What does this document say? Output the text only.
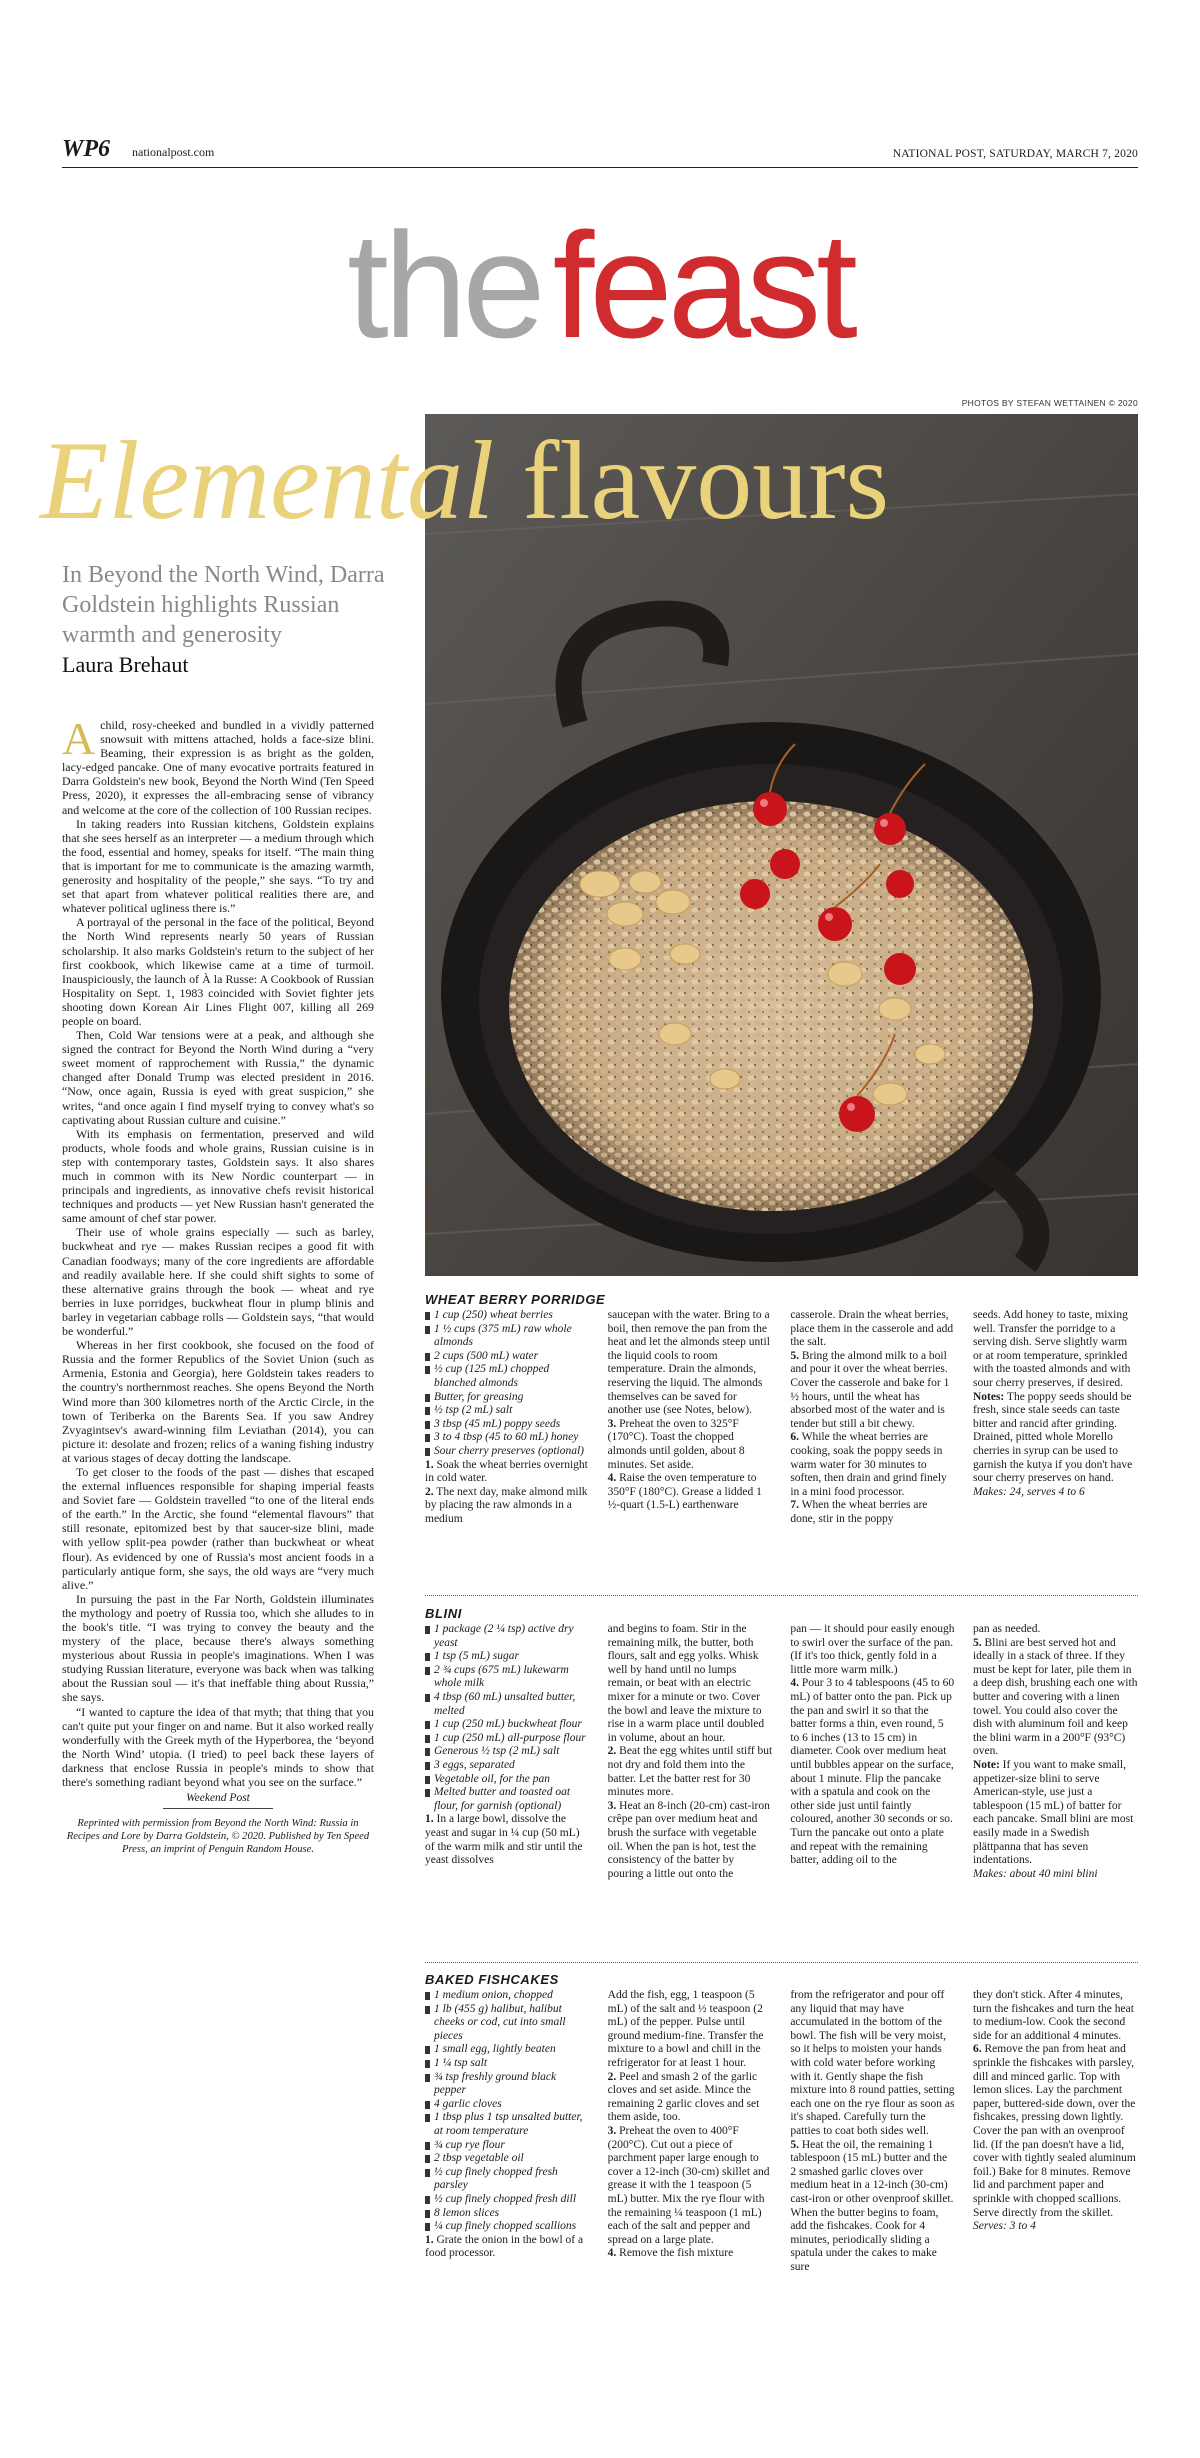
WP6 nationalpost.com	NATIONAL POST, SATURDAY, MARCH 7, 2020
thefeast
PHOTOS BY STEFAN WETTAINEN © 2020
Elemental flavours
In Beyond the North Wind, Darra Goldstein highlights Russian warmth and generosity
Laura Brehaut

Achild, rosy-cheeked and bundled in a vividly patterned snowsuit with mittens attached, holds a face-size blini. Beaming, their expression is as bright as the golden, lacy-edged pancake. One of many evocative portraits featured in Darra Goldstein's new book, Beyond the North Wind (Ten Speed Press, 2020), it expresses the all-embracing sense of vibrancy and welcome at the core of the collection of 100 Russian recipes.

In taking readers into Russian kitchens, Goldstein explains that she sees herself as an interpreter — a medium through which the food, essential and homey, speaks for itself. “The main thing that is important for me to communicate is the amazing warmth, generosity and hospitality of the people,” she says. “To try and set that apart from whatever political realities there are, and whatever political ugliness there is.”

A portrayal of the personal in the face of the political, Beyond the North Wind represents nearly 50 years of Russian scholarship. It also marks Goldstein's return to the subject of her first cookbook, which likewise came at a time of turmoil. Inauspiciously, the launch of À la Russe: A Cookbook of Russian Hospitality on Sept. 1, 1983 coincided with Soviet fighter jets shooting down Korean Air Lines Flight 007, killing all 269 people on board.

Then, Cold War tensions were at a peak, and although she signed the contract for Beyond the North Wind during a “very sweet moment of rapprochement with Russia,” the dynamic changed after Donald Trump was elected president in 2016. “Now, once again, Russia is eyed with great suspicion,” she writes, “and once again I find myself trying to convey what's so captivating about Russian culture and cuisine.”

With its emphasis on fermentation, preserved and wild products, whole foods and whole grains, Russian cuisine is in step with contemporary tastes, Goldstein says. It also shares much in common with its New Nordic counterpart — in principals and ingredients, as innovative chefs revisit historical techniques and products — yet New Russian hasn't generated the same amount of chef star power.

Their use of whole grains especially — such as barley, buckwheat and rye — makes Russian recipes a good fit with Canadian foodways; many of the core ingredients are affordable and readily available here. If she could shift sights to some of these alternative grains through the book — wheat and rye berries in luxe porridges, buckwheat flour in plump blinis and barley in vegetarian cabbage rolls — Goldstein says, “that would be wonderful.”

Whereas in her first cookbook, she focused on the food of Russia and the former Republics of the Soviet Union (such as Armenia, Estonia and Georgia), here Goldstein takes readers to the country's northernmost reaches. She opens Beyond the North Wind more than 300 kilometres north of the Arctic Circle, in the town of Teriberka on the Barents Sea. If you saw Andrey Zvyagintsev's award-winning film Leviathan (2014), you can picture it: desolate and frozen; relics of a waning fishing industry at various stages of decay dotting the landscape.

To get closer to the foods of the past — dishes that escaped the external influences responsible for shaping imperial feasts and Soviet fare — Goldstein travelled “to one of the literal ends of the earth.” In the Arctic, she found “elemental flavours” that still resonate, epitomized best by that saucer-size blini, made with yellow split-pea powder (rather than buckwheat or wheat flour). As evidenced by one of Russia's most ancient foods in a particularly antique form, she says, the old ways are “very much alive.”

In pursuing the past in the Far North, Goldstein illuminates the mythology and poetry of Russia too, which she alludes to in the book's title. “I was trying to convey the beauty and the mystery of the place, because there's always something mysterious about Russia in people's imaginations. When I was studying Russian literature, everyone was back when was talking about the Russian soul — it's that ineffable thing about Russia,” she says.

“I wanted to capture the idea of that myth; that thing that you can't quite put your finger on and name. But it also worked really wonderfully with the Greek myth of the Hyperborea, the ‘beyond the North Wind’ utopia. (I tried) to peel back these layers of darkness that enclose Russia in people's minds to show that there's something radiant beyond what you see on the surface.”

Weekend Post

Reprinted with permission from Beyond the North Wind: Russia in Recipes and Lore by Darra Goldstein, © 2020. Published by Ten Speed Press, an imprint of Penguin Random House.

WHEAT BERRY PORRIDGE
1 cup (250) wheat berries
1 ½ cups (375 mL) raw whole almonds
2 cups (500 mL) water
½ cup (125 mL) chopped blanched almonds
Butter, for greasing
½ tsp (2 mL) salt
3 tbsp (45 mL) poppy seeds
3 to 4 tbsp (45 to 60 mL) honey
Sour cherry preserves (optional)
1. Soak the wheat berries overnight in cold water.
2. The next day, make almond milk by placing the raw almonds in a medium
saucepan with the water. Bring to a boil, then remove the pan from the heat and let the almonds steep until the liquid cools to room temperature. Drain the almonds, reserving the liquid. The almonds themselves can be saved for another use (see Notes, below).
3. Preheat the oven to 325°F (170°C). Toast the chopped almonds until golden, about 8 minutes. Set aside.
4. Raise the oven temperature to 350°F (180°C). Grease a lidded 1 ½-quart (1.5-L) earthenware
casserole. Drain the wheat berries, place them in the casserole and add the salt.
5. Bring the almond milk to a boil and pour it over the wheat berries. Cover the casserole and bake for 1 ½ hours, until the wheat has absorbed most of the water and is tender but still a bit chewy.
6. While the wheat berries are cooking, soak the poppy seeds in warm water for 30 minutes to soften, then drain and grind finely in a mini food processor.
7. When the wheat berries are done, stir in the poppy
seeds. Add honey to taste, mixing well. Transfer the porridge to a serving dish. Serve slightly warm or at room temperature, sprinkled with the toasted almonds and with sour cherry preserves, if desired.
Notes: The poppy seeds should be fresh, since stale seeds can taste bitter and rancid after grinding. Drained, pitted whole Morello cherries in syrup can be used to garnish the kutya if you don't have sour cherry preserves on hand.
Makes: 24, serves 4 to 6
BLINI
1 package (2 ¼ tsp) active dry yeast
1 tsp (5 mL) sugar
2 ¾ cups (675 mL) lukewarm whole milk
4 tbsp (60 mL) unsalted butter, melted
1 cup (250 mL) buckwheat flour
1 cup (250 mL) all-purpose flour
Generous ½ tsp (2 mL) salt
3 eggs, separated
Vegetable oil, for the pan
Melted butter and toasted oat flour, for garnish (optional)
1. In a large bowl, dissolve the yeast and sugar in ¼ cup (50 mL) of the warm milk and stir until the yeast dissolves
and begins to foam. Stir in the remaining milk, the butter, both flours, salt and egg yolks. Whisk well by hand until no lumps remain, or beat with an electric mixer for a minute or two. Cover the bowl and leave the mixture to rise in a warm place until doubled in volume, about an hour.
2. Beat the egg whites until stiff but not dry and fold them into the batter. Let the batter rest for 30 minutes more.
3. Heat an 8-inch (20-cm) cast-iron crêpe pan over medium heat and brush the surface with vegetable oil. When the pan is hot, test the consistency of the batter by pouring a little out onto the
pan — it should pour easily enough to swirl over the surface of the pan. (If it's too thick, gently fold in a little more warm milk.)
4. Pour 3 to 4 tablespoons (45 to 60 mL) of batter onto the pan. Pick up the pan and swirl it so that the batter forms a thin, even round, 5 to 6 inches (13 to 15 cm) in diameter. Cook over medium heat until bubbles appear on the surface, about 1 minute. Flip the pancake with a spatula and cook on the other side just until faintly coloured, another 30 seconds or so. Turn the pancake out onto a plate and repeat with the remaining batter, adding oil to the
pan as needed.
5. Blini are best served hot and ideally in a stack of three. If they must be kept for later, pile them in a deep dish, brushing each one with butter and covering with a linen towel. You could also cover the dish with aluminum foil and keep the blini warm in a 200°F (93°C) oven.
Note: If you want to make small, appetizer-size blini to serve American-style, use just a tablespoon (15 mL) of batter for each pancake. Small blini are most easily made in a Swedish plättpanna that has seven indentations.
Makes: about 40 mini blini
BAKED FISHCAKES
1 medium onion, chopped
1 lb (455 g) halibut, halibut cheeks or cod, cut into small pieces
1 small egg, lightly beaten
1 ¼ tsp salt
¾ tsp freshly ground black pepper
4 garlic cloves
1 tbsp plus 1 tsp unsalted butter, at room temperature
¾ cup rye flour
2 tbsp vegetable oil
½ cup finely chopped fresh parsley
½ cup finely chopped fresh dill
8 lemon slices
¼ cup finely chopped scallions
1. Grate the onion in the bowl of a food processor.
Add the fish, egg, 1 teaspoon (5 mL) of the salt and ½ teaspoon (2 mL) of the pepper. Pulse until ground medium-fine. Transfer the mixture to a bowl and chill in the refrigerator for at least 1 hour.
2. Peel and smash 2 of the garlic cloves and set aside. Mince the remaining 2 garlic cloves and set them aside, too.
3. Preheat the oven to 400°F (200°C). Cut out a piece of parchment paper large enough to cover a 12-inch (30-cm) skillet and grease it with the 1 teaspoon (5 mL) butter. Mix the rye flour with the remaining ¼ teaspoon (1 mL) each of the salt and pepper and spread on a large plate.
4. Remove the fish mixture
from the refrigerator and pour off any liquid that may have accumulated in the bottom of the bowl. The fish will be very moist, so it helps to moisten your hands with cold water before working with it. Gently shape the fish mixture into 8 round patties, setting each one on the rye flour as soon as it's shaped. Carefully turn the patties to coat both sides well.
5. Heat the oil, the remaining 1 tablespoon (15 mL) butter and the 2 smashed garlic cloves over medium heat in a 12-inch (30-cm) cast-iron or other ovenproof skillet. When the butter begins to foam, add the fishcakes. Cook for 4 minutes, periodically sliding a spatula under the cakes to make sure
they don't stick. After 4 minutes, turn the fishcakes and turn the heat to medium-low. Cook the second side for an additional 4 minutes.
6. Remove the pan from heat and sprinkle the fishcakes with parsley, dill and minced garlic. Top with lemon slices. Lay the parchment paper, buttered-side down, over the fishcakes, pressing down lightly. Cover the pan with an ovenproof lid. (If the pan doesn't have a lid, cover with tightly sealed aluminum foil.) Bake for 8 minutes. Remove lid and parchment paper and sprinkle with chopped scallions. Serve directly from the skillet.
Serves: 3 to 4
